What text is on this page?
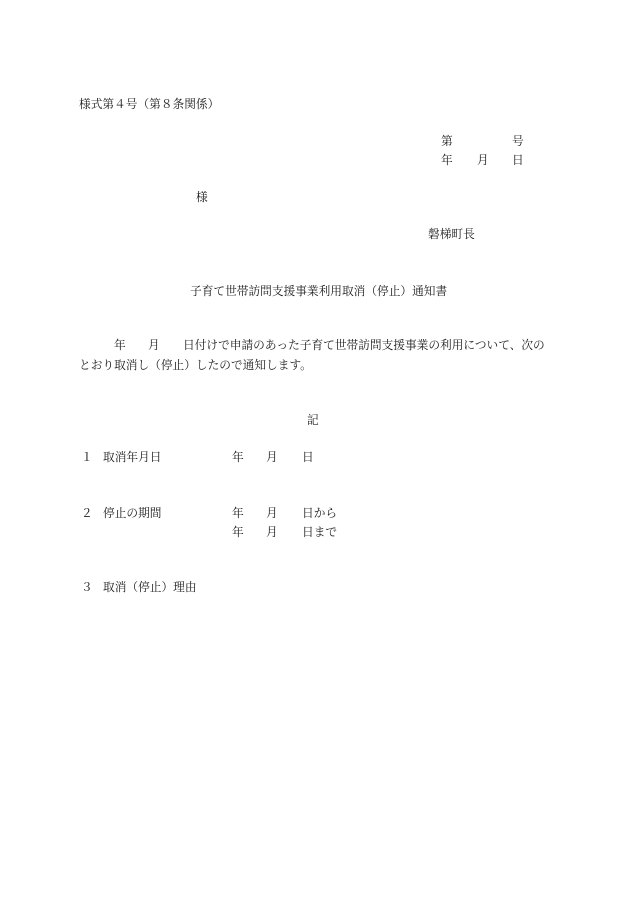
様式第４号（第８条関係）
第	号
年 月 日
様
磐梯町長
子育て世帯訪問支援事業利用取消（停止）通知書
年 月 日付けで申請のあった子育て世帯訪問支援事業の利用について、次の
とおり取消し（停止）したので通知します。
記
１ 取消年月日	年 月 日
２ 停止の期間	年 月 日から
年 月 日まで
３ 取消（停止）理由
